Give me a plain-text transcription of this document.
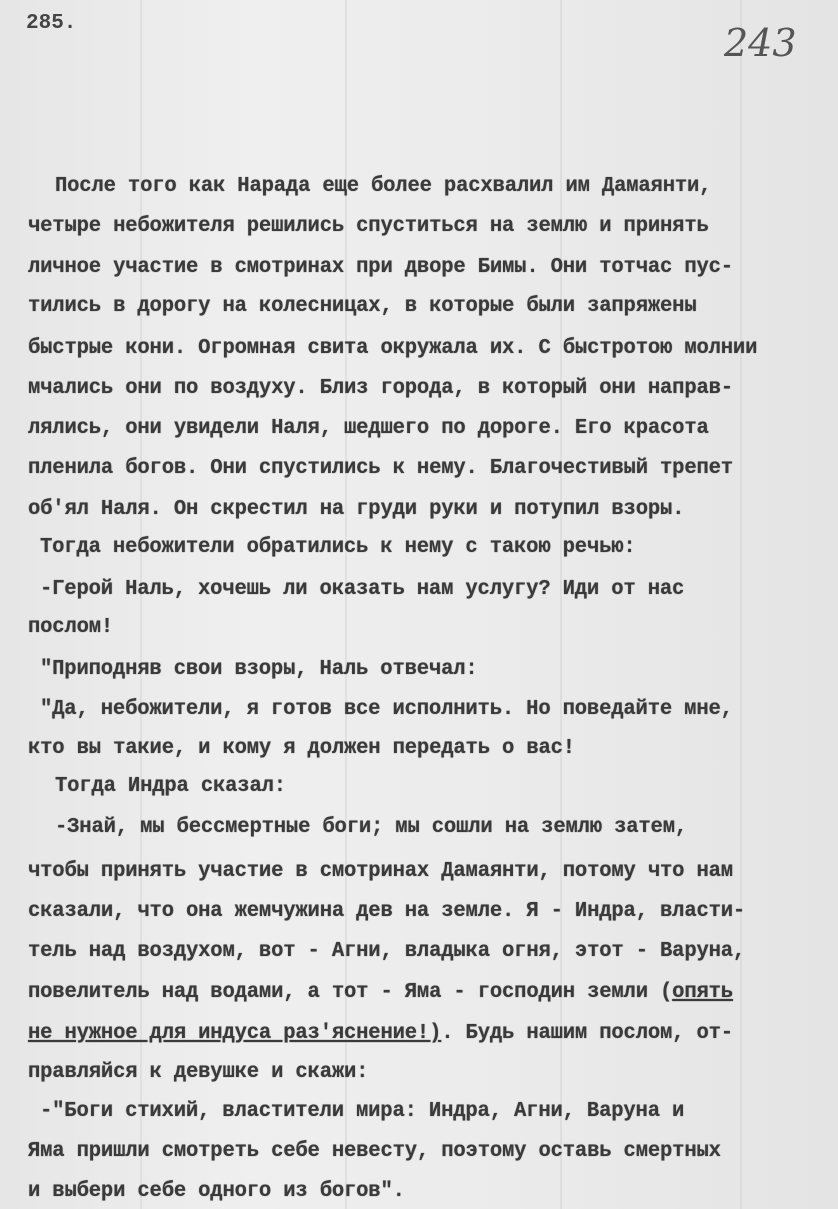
285.	243
После того как Нарада еще более расхвалил им Дамаянти,
четыре небожителя решились спуститься на землю и принять
личное участие в смотринах при дворе Бимы. Они тотчас пус-
тились в дорогу на колесницах, в которые были запряжены
быстрые кони. Огромная свита окружала их. С быстротою молнии
мчались они по воздуху. Близ города, в который они направ-
лялись, они увидели Наля, шедшего по дороге. Его красота
пленила богов. Они спустились к нему. Благочестивый трепет
об'ял Наля. Он скрестил на груди руки и потупил взоры.
Тогда небожители обратились к нему с такою речью:
-Герой Наль, хочешь ли оказать нам услугу? Иди от нас
послом!
"Приподняв свои взоры, Наль отвечал:
"Да, небожители, я готов все исполнить. Но поведайте мне,
кто вы такие, и кому я должен передать о вас!
Тогда Индра сказал:
-Знай, мы бессмертные боги; мы сошли на землю затем,
чтобы принять участие в смотринах Дамаянти, потому что нам
сказали, что она жемчужина дев на земле. Я - Индра, власти-
тель над воздухом, вот - Агни, владыка огня, этот - Варуна,
повелитель над водами, а тот - Яма - господин земли (опять
не нужное для индуса раз'яснение!). Будь нашим послом, от-
правляйся к девушке и скажи:
-"Боги стихий, властители мира: Индра, Агни, Варуна и
Яма пришли смотреть себе невесту, поэтому оставь смертных
и выбери себе одного из богов".
